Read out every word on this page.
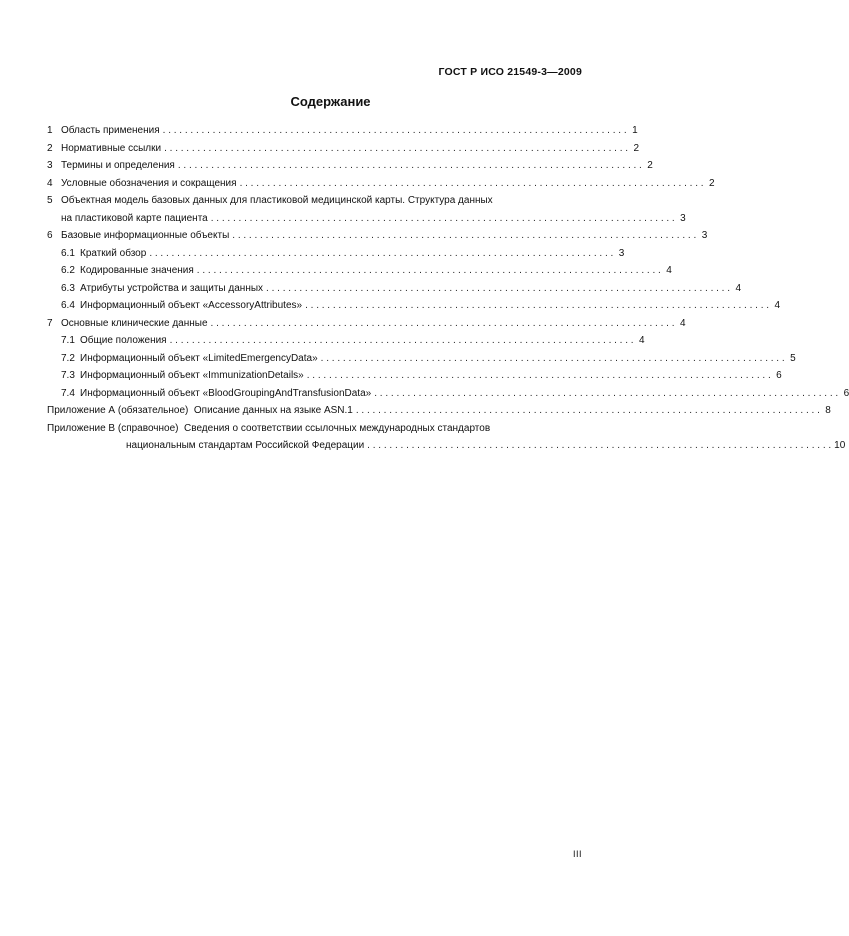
ГОСТ Р ИСО 21549-3—2009
Содержание
1 Область применения . . .	1
2 Нормативные ссылки . . .	2
3 Термины и определения . . .	2
4 Условные обозначения и сокращения . . .	2
5 Объектная модель базовых данных для пластиковой медицинской карты. Структура данных
на пластиковой карте пациента . . .	3
6 Базовые информационные объекты . . .	3
6.1 Краткий обзор . . .	3
6.2 Кодированные значения . . .	4
6.3 Атрибуты устройства и защиты данных . . .	4
6.4 Информационный объект «AccessoryAttributes» . . .	4
7 Основные клинические данные . . .	4
7.1 Общие положения . . .	4
7.2 Информационный объект «LimitedEmergencyData» . . .	5
7.3 Информационный объект «ImmunizationDetails» . . .	6
7.4 Информационный объект «BloodGroupingAndTransfusionData» . . .	6
Приложение А (обязательное)  Описание данных на языке ASN.1 . . .	8
Приложение В (справочное)  Сведения о соответствии ссылочных международных стандартов
национальным стандартам Российской Федерации . . .	10
III
